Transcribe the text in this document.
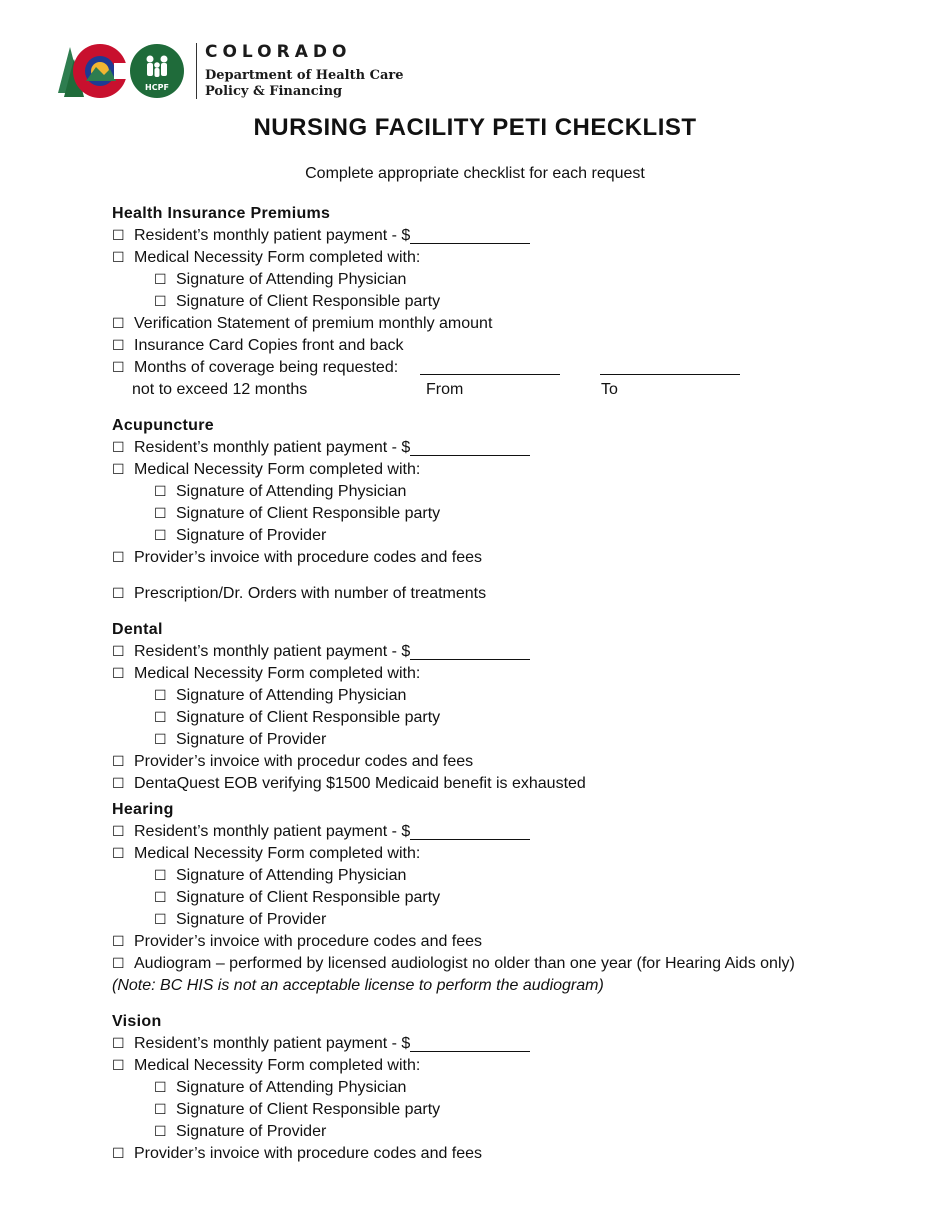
HCPF
COLORADO
Department of Health Care
Policy & Financing
NURSING FACILITY PETI CHECKLIST
Complete appropriate checklist for each request
Health Insurance Premiums
☐ Resident’s monthly patient payment - $
☐ Medical Necessity Form completed with:
☐ Signature of Attending Physician
☐ Signature of Client Responsible party
☐ Verification Statement of premium monthly amount
☐ Insurance Card Copies front and back
☐ Months of coverage being requested:
not to exceed 12 months	From	To
Acupuncture
☐ Resident’s monthly patient payment - $
☐ Medical Necessity Form completed with:
☐ Signature of Attending Physician
☐ Signature of Client Responsible party
☐ Signature of Provider
☐ Provider’s invoice with procedure codes and fees
☐ Prescription/Dr. Orders with number of treatments
Dental
☐ Resident’s monthly patient payment - $
☐ Medical Necessity Form completed with:
☐ Signature of Attending Physician
☐ Signature of Client Responsible party
☐ Signature of Provider
☐ Provider’s invoice with procedur codes and fees
☐ DentaQuest EOB verifying $1500 Medicaid benefit is exhausted
Hearing
☐ Resident’s monthly patient payment - $
☐ Medical Necessity Form completed with:
☐ Signature of Attending Physician
☐ Signature of Client Responsible party
☐ Signature of Provider
☐ Provider’s invoice with procedure codes and fees
☐ Audiogram – performed by licensed audiologist no older than one year (for Hearing Aids only)
(Note: BC HIS is not an acceptable license to perform the audiogram)
Vision
☐ Resident’s monthly patient payment - $
☐ Medical Necessity Form completed with:
☐ Signature of Attending Physician
☐ Signature of Client Responsible party
☐ Signature of Provider
☐ Provider’s invoice with procedure codes and fees
